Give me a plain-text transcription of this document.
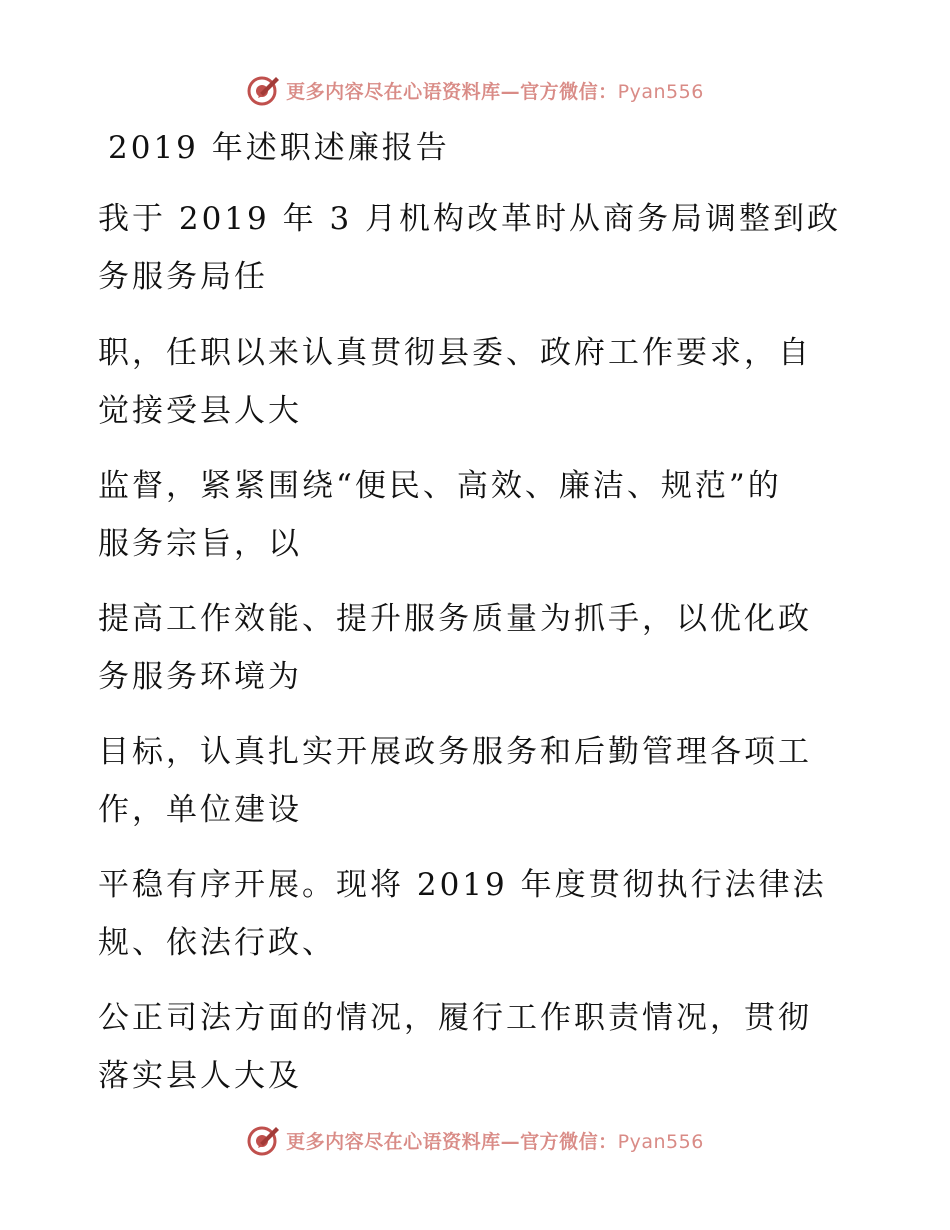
更多内容尽在心语资料库—官方微信：Pyan556
2019 年述职述廉报告
我于 2019 年 3 月机构改革时从商务局调整到政
务服务局任
职，任职以来认真贯彻县委、政府工作要求，自
觉接受县人大
监督，紧紧围绕“便民、高效、廉洁、规范”的
服务宗旨，以
提高工作效能、提升服务质量为抓手，以优化政
务服务环境为
目标，认真扎实开展政务服务和后勤管理各项工
作，单位建设
平稳有序开展。现将 2019 年度贯彻执行法律法
规、依法行政、
公正司法方面的情况，履行工作职责情况，贯彻
落实县人大及
更多内容尽在心语资料库—官方微信：Pyan556
